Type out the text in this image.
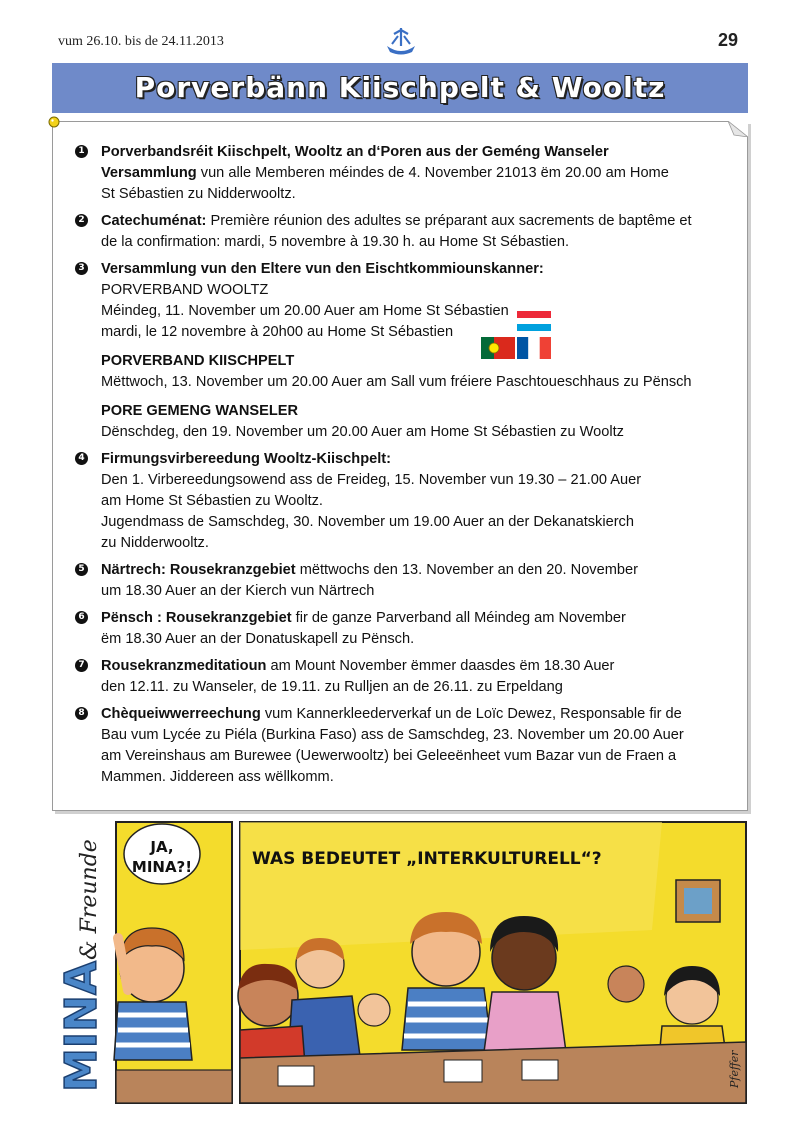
vum 26.10. bis de 24.11.2013	29
Porverbänn Kiischpelt & Wooltz
1 Porverbandsréit Kiischpelt, Wooltz an d‘Poren aus der Geméng Wanseler
Versammlung vun alle Memberen méindes de 4. November 21013 ëm 20.00 am Home
St Sébastien zu Nidderwooltz.
2 Catechuménat: Première réunion des adultes se préparant aux sacrements de baptême et
de la confirmation: mardi, 5 novembre à 19.30 h. au Home St Sébastien.
3 Versammlung vun den Eltere vun den Eischtkommiounskanner:
PORVERBAND WOOLTZ
Méindeg, 11. November um 20.00 Auer am Home St Sébastien
mardi, le 12 novembre à 20h00 au Home St Sébastien
PORVERBAND KIISCHPELT
Mëttwoch, 13. November um 20.00 Auer am Sall vum fréiere Paschtoueschhaus zu Pënsch
PORE GEMENG WANSELER
Dënschdeg, den 19. November um 20.00 Auer am Home St Sébastien zu Wooltz
4 Firmungsvirbereedung Wooltz-Kiischpelt:
Den 1. Virbereedungsowend ass de Freideg, 15. November vun 19.30 – 21.00 Auer
am Home St Sébastien zu Wooltz.
Jugendmass de Samschdeg, 30. November um 19.00 Auer an der Dekanatskierch
zu Nidderwooltz.
5 Närtrech: Rousekranzgebiet mëttwochs den 13. November an den 20. November
um 18.30 Auer an der Kierch vun Närtrech
6 Pënsch : Rousekranzgebiet fir de ganze Parverband all Méindeg am November
ëm 18.30 Auer an der Donatuskapell zu Pënsch.
7 Rousekranzmeditatioun am Mount November ëmmer daasdes ëm 18.30 Auer
den 12.11. zu Wanseler, de 19.11. zu Rulljen an de 26.11. zu Erpeldang
8 Chèqueiwwerreechung vum Kannerkleederverkaf un de Loïc Dewez, Responsable fir de
Bau vum Lycée zu Piéla (Burkina Faso) ass de Samschdeg, 23. November um 20.00 Auer
am Vereinshaus am Burewee (Uewerwooltz) bei Geleeënheet vum Bazar vun de Fraen a
Mammen. Jiddereen ass wëllkomm.
MINA
& Freunde	JA,
MINA?!	WAS BEDEUTET „INTERKULTURELL“?
Pfeffer
